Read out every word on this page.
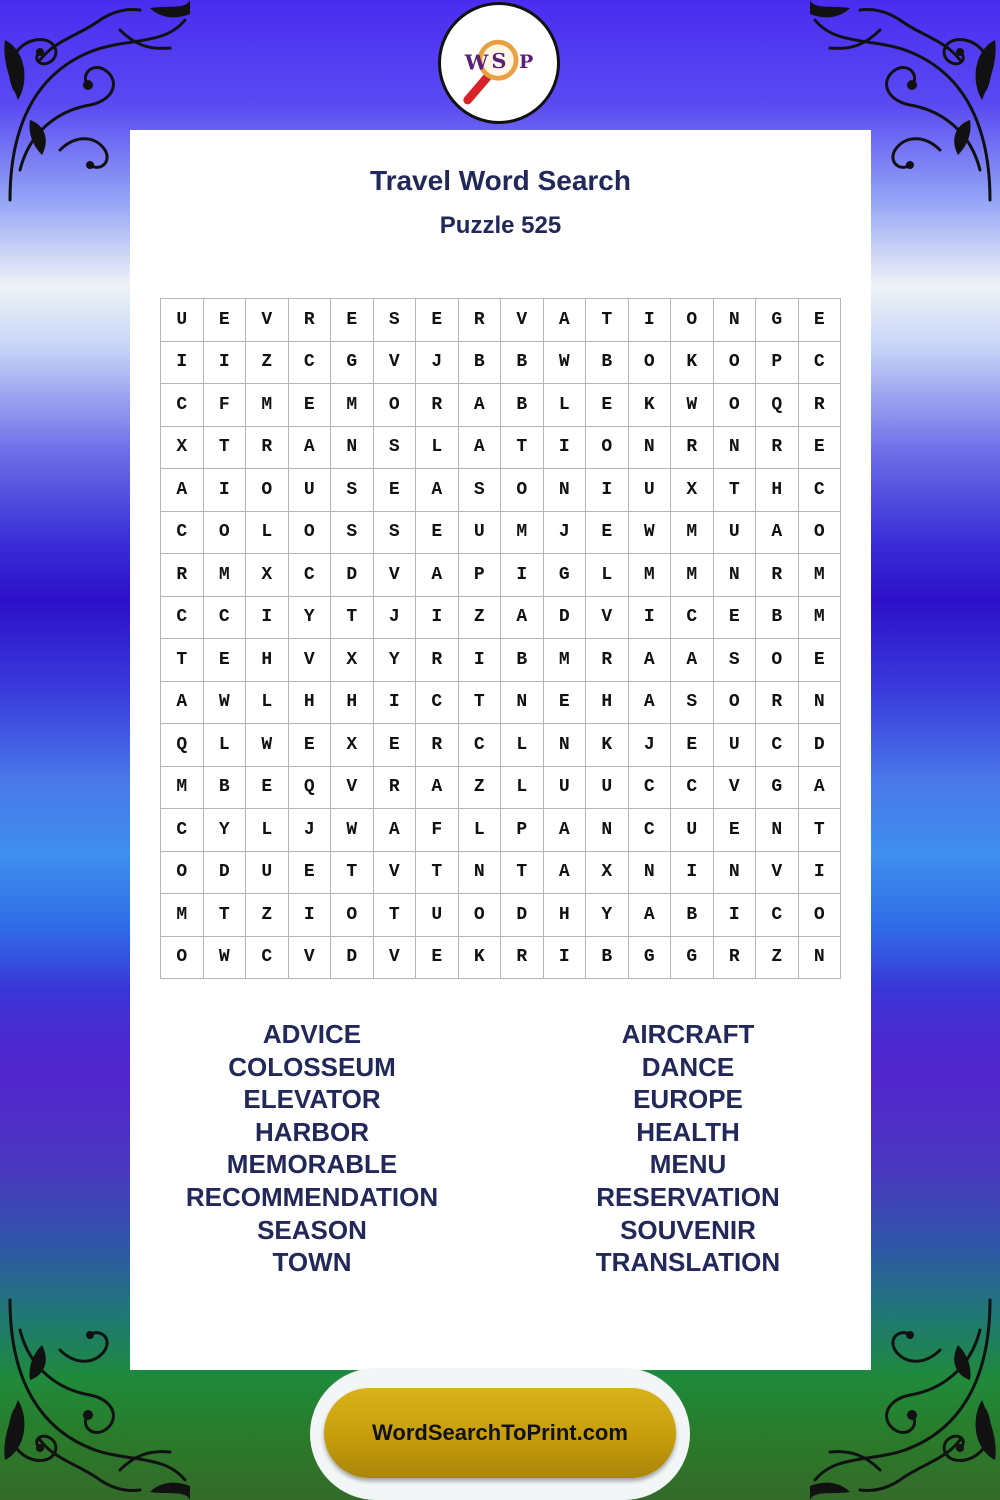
W S P
Travel Word Search
Puzzle 525
U	E	V	R	E	S	E	R	V	A	T	I	O	N	G	E
I	I	Z	C	G	V	J	B	B	W	B	O	K	O	P	C
C	F	M	E	M	O	R	A	B	L	E	K	W	O	Q	R
X	T	R	A	N	S	L	A	T	I	O	N	R	N	R	E
A	I	O	U	S	E	A	S	O	N	I	U	X	T	H	C
C	O	L	O	S	S	E	U	M	J	E	W	M	U	A	O
R	M	X	C	D	V	A	P	I	G	L	M	M	N	R	M
C	C	I	Y	T	J	I	Z	A	D	V	I	C	E	B	M
T	E	H	V	X	Y	R	I	B	M	R	A	A	S	O	E
A	W	L	H	H	I	C	T	N	E	H	A	S	O	R	N
Q	L	W	E	X	E	R	C	L	N	K	J	E	U	C	D
M	B	E	Q	V	R	A	Z	L	U	U	C	C	V	G	A
C	Y	L	J	W	A	F	L	P	A	N	C	U	E	N	T
O	D	U	E	T	V	T	N	T	A	X	N	I	N	V	I
M	T	Z	I	O	T	U	O	D	H	Y	A	B	I	C	O
O	W	C	V	D	V	E	K	R	I	B	G	G	R	Z	N
ADVICE
COLOSSEUM
ELEVATOR
HARBOR
MEMORABLE
RECOMMENDATION
SEASON
TOWN
AIRCRAFT
DANCE
EUROPE
HEALTH
MENU
RESERVATION
SOUVENIR
TRANSLATION
WordSearchToPrint.com
